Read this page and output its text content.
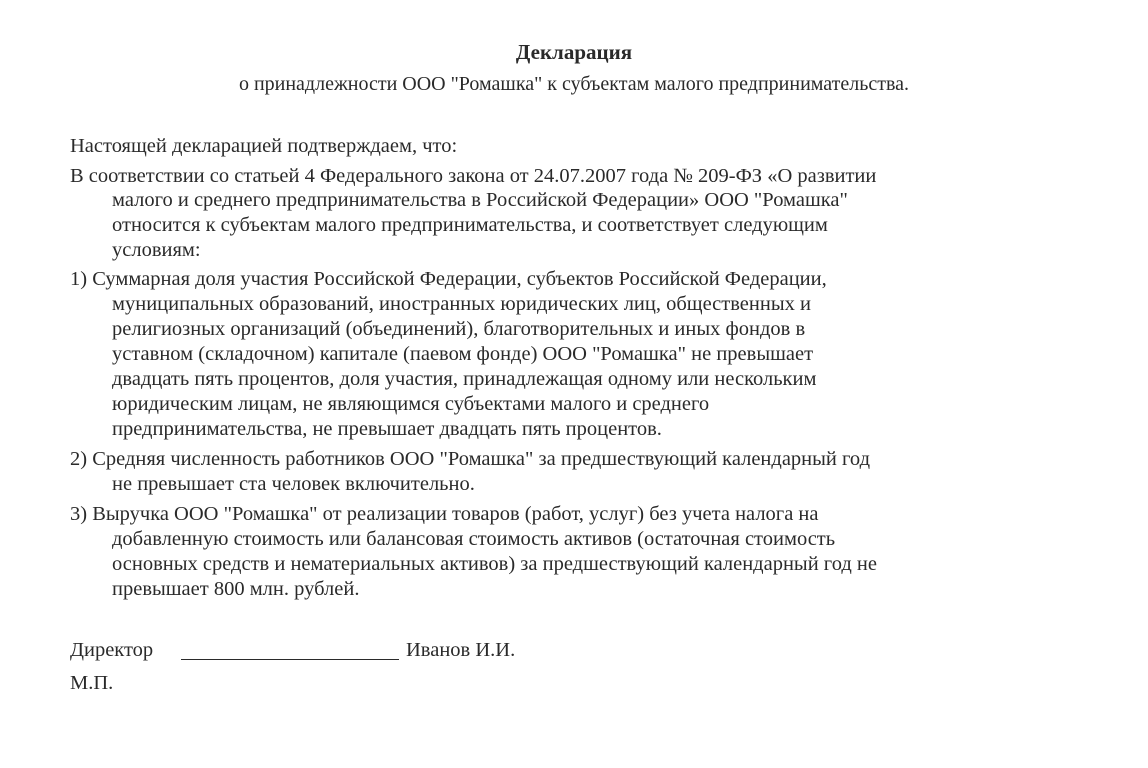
Декларация
о принадлежности ООО "Ромашка" к субъектам малого предпринимательства.
Настоящей декларацией подтверждаем, что:
В соответствии со статьей 4 Федерального закона от 24.07.2007 года № 209-ФЗ «О развитии
малого и среднего предпринимательства в Российской Федерации» ООО "Ромашка"
относится к субъектам малого предпринимательства, и соответствует следующим
условиям:
1) Суммарная доля участия Российской Федерации, субъектов Российской Федерации,
муниципальных образований, иностранных юридических лиц, общественных и
религиозных организаций (объединений), благотворительных и иных фондов в
уставном (складочном) капитале (паевом фонде) ООО "Ромашка" не превышает
двадцать пять процентов, доля участия, принадлежащая одному или нескольким
юридическим лицам, не являющимся субъектами малого и среднего
предпринимательства, не превышает двадцать пять процентов.
2) Средняя численность работников ООО "Ромашка" за предшествующий календарный год
не превышает ста человек включительно.
3) Выручка ООО "Ромашка" от реализации товаров (работ, услуг) без учета налога на
добавленную стоимость или балансовая стоимость активов (остаточная стоимость
основных средств и нематериальных активов) за предшествующий календарный год не
превышает 800 млн. рублей.
Директор	Иванов И.И.
М.П.
